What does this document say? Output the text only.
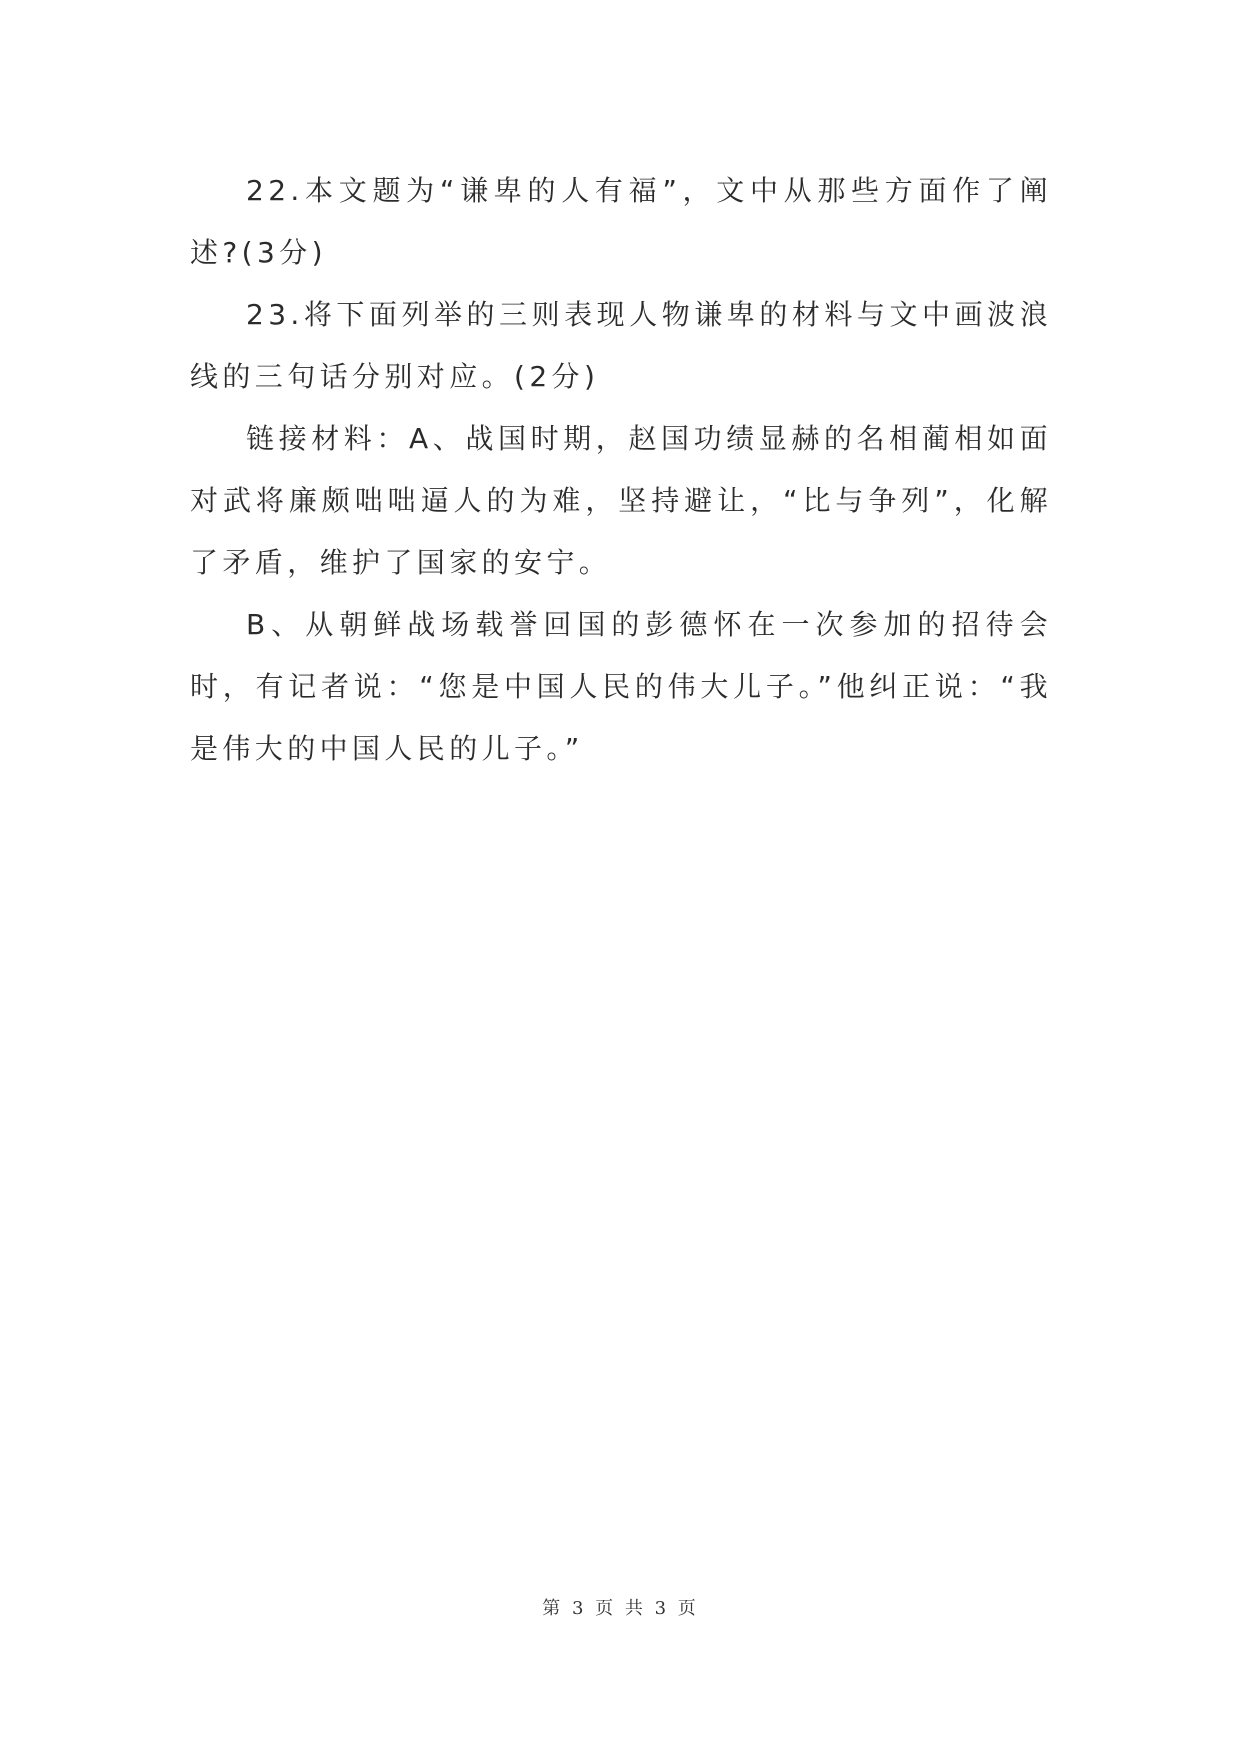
22.本文题为“谦卑的人有福”，文中从那些方面作了阐述?(3分)

23.将下面列举的三则表现人物谦卑的材料与文中画波浪线的三句话分别对应。(2分)

链接材料：A、战国时期，赵国功绩显赫的名相蔺相如面对武将廉颇咄咄逼人的为难，坚持避让，“比与争列”，化解了矛盾，维护了国家的安宁。

B、从朝鲜战场载誉回国的彭德怀在一次参加的招待会时，有记者说：“您是中国人民的伟大儿子。”他纠正说：“我是伟大的中国人民的儿子。”

第 3 页 共 3 页
